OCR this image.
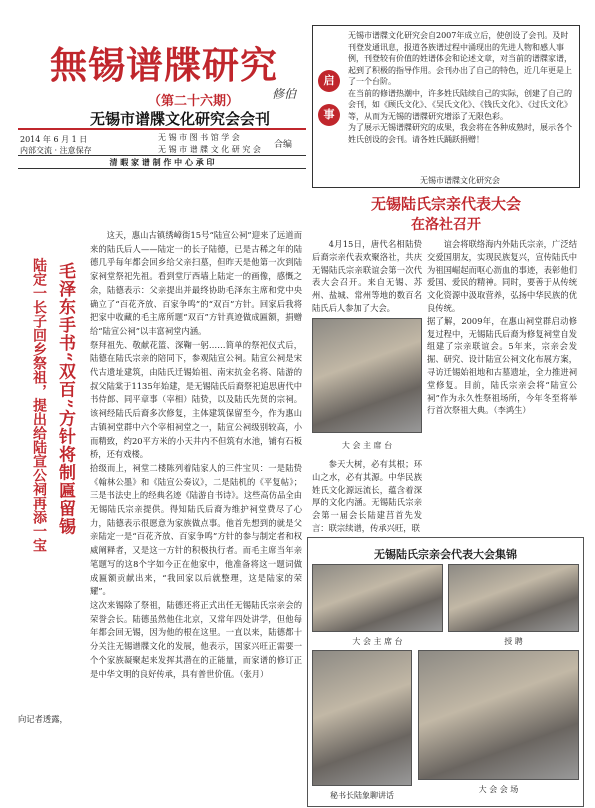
無锡谱牒研究
修伯
（第二十六期）
无锡市谱牒文化研究会会刊
2014 年 6 月 1 日
内部交流 · 注意保存
无 锡 市 图 书 馆 学 会
无 锡 市 谱 牒 文 化 研 究 会 合编
清 暇 家 谱 制 作 中 心 承 印
启
事
无锡市谱牒文化研究会自2007年成立后，使创设了会刊。及时刊登发通讯息，报道各族谱过程中涌现出的先进人物和感人事例，刊登较有价值的姓谱体会和论述文章，对当前的谱牒家谱，起到了积极的指导作用。会刊办出了自己的特色，近几年更是上了一个台阶。
在当前的修谱热潮中，许多姓氏陆续自己的实际，创建了自己的会刊，如《顾氏文化》、《吴氏文化》、《钱氏文化》、《过氏文化》等，从而为无锡的谱牒研究增添了无限色彩。
为了展示无锡谱牒研究的成果，我会将在各种成熟时，展示各个姓氏创设的会刊。请各姓氏踊跃捐赠！
无锡市谱牒文化研究会
毛泽东手书“双百”方针将制匾留锡
陆定一长子回乡祭祖，提出给陆宣公祠再添一宝
这天，惠山古镇绣嶂街15号“陆宣公祠”迎来了远道而来的陆氏后人——陆定一的长子陆德，已是古稀之年的陆德几乎每年都会回乡给父亲扫墓，但昨天是他第一次到陆家祠堂祭祀先祖。看到堂厅西墙上陆定一的画像，感慨之余，陆德表示：父亲提出并最终协助毛泽东主席和党中央确立了“百花齐放、百家争鸣”的“双百”方针。回家后我将把家中收藏的毛主席所题“双百”方针真迹做成匾额，捐赠给“陆宣公祠”以丰富祠堂内涵。
祭拜祖先、敬献花篮、深鞠一躬……简单的祭祀仪式后，陆德在陆氏宗亲的陪同下，参观陆宣公祠。陆宣公祠是宋代古遗址建筑，由陆氏迁锡始祖、南宋抗金名将、陆游的叔父陆棠于1135年始建，是无锡陆氏后裔祭祀追思唐代中书侍郎、同平章事（宰相）陆贽，以及陆氏先贤的宗祠。该祠经陆氏后裔多次修复，主体建筑保留至今，作为惠山古镇祠堂群中六个宰相祠堂之一，陆宣公祠级别较高，小而精致，约20平方米的小天井内不但筑有水池，铺有石板桥，还有戏楼。
拾级而上，祠堂二楼陈列着陆家人的三件宝贝：一是陆贽《翰林公墨》和《陆宣公奏议》，二是陆机的《平复帖》；三是书法史上的经典名迹《陆游自书诗》。这些高仿品全由无锡陆氏宗亲提供。得知陆氏后裔为维护祠堂费尽了心力，陆德表示很愿意为家族做点事。他首先想到的就是父亲陆定一是“百花齐放、百家争鸣”方针的参与制定者和权威阐释者，又是这一方针的积极执行者。而毛主席当年亲笔题写的这8个字如今正在他家中，他准备将这一题词做成匾额贡献出来，“我回家以后就整理，这是陆家的荣耀”。
这次来锡除了祭祖，陆德还将正式出任无锡陆氏宗亲会的荣誉会长。陆德虽然他住北京，又常年四处讲学，但他每年都会回无锡，因为他的根在这里。一直以来，陆德都十分关注无锡谱牒文化的发展，他表示，国家兴旺正需要一个个家族凝聚起来发挥其潜在的正能量，而家谱的修订正是中华文明的良好传承，具有普世价值。（张月）
向记者透露，
无锡陆氏宗亲代表大会
在洛社召开
4月15日，唐代名相陆贽后裔宗亲代表欢聚洛社，共庆无锡陆氏宗亲联谊会第一次代表大会召开。来自无锡、苏州、盐城、常州等地的数百名陆氏后人参加了大会。
大 会 主 席 台
参天大树，必有其根；环山之水，必有其源。中华民族姓氏文化源远流长，蕴含着深厚的文化内涵。无锡陆氏宗亲会第一届会长陆建莒首先发言：联宗续谱，传承兴旺，联
谊会将联络海内外陆氏宗亲，广泛结交爱国朋友，实现民族复兴，宣传陆氏中为祖国崛起而呕心沥血的事迹，表彰他们爱国、爱民的精神。同时，要善于从传统文化资源中汲取营养，弘扬中华民族的优良传统。
据了解，2009年，在惠山祠堂群启动修复过程中，无锡陆氏后裔为修复祠堂自发组建了宗亲联谊会。5年来，宗亲会发掘、研究、设计陆宣公祠文化布展方案，寻访迁锡始祖地和古墓遗址，全力推进祠堂修复。目前，陆氏宗亲会将“陆宣公祠”作为永久性祭祖场所，今年冬至将举行首次祭祖大典。（李鸿生）
无锡陆氏宗亲会代表大会集锦
大 会 主 席 台	授 聘
秘书长陆象聊讲话
大 会 会 场
